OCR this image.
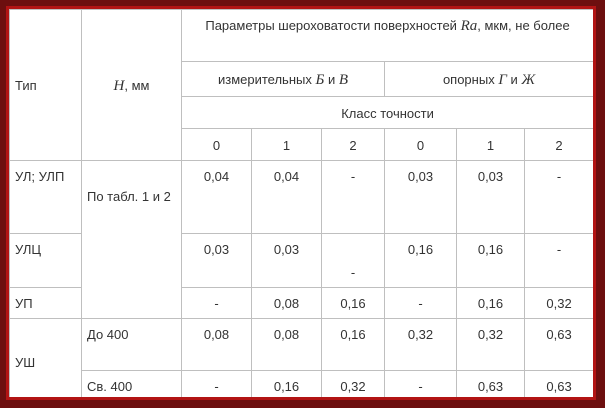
Тип	H, мм	Параметры шероховатости поверхностей Ra, мкм, не более					
		измерительных Б и В			опорных Г и Ж		
		Класс точности					
		0	1	2	0	1	2
УЛ; УЛП	По табл. 1 и 2	0,04	0,04	-	0,03	0,03	-
УЛЦ		0,03	0,03	-	0,16	0,16	-
УП		-	0,08	0,16	-	0,16	0,32
УШ	До 400	0,08	0,08	0,16	0,32	0,32	0,63
	Св. 400	-	0,16	0,32	-	0,63	0,63
